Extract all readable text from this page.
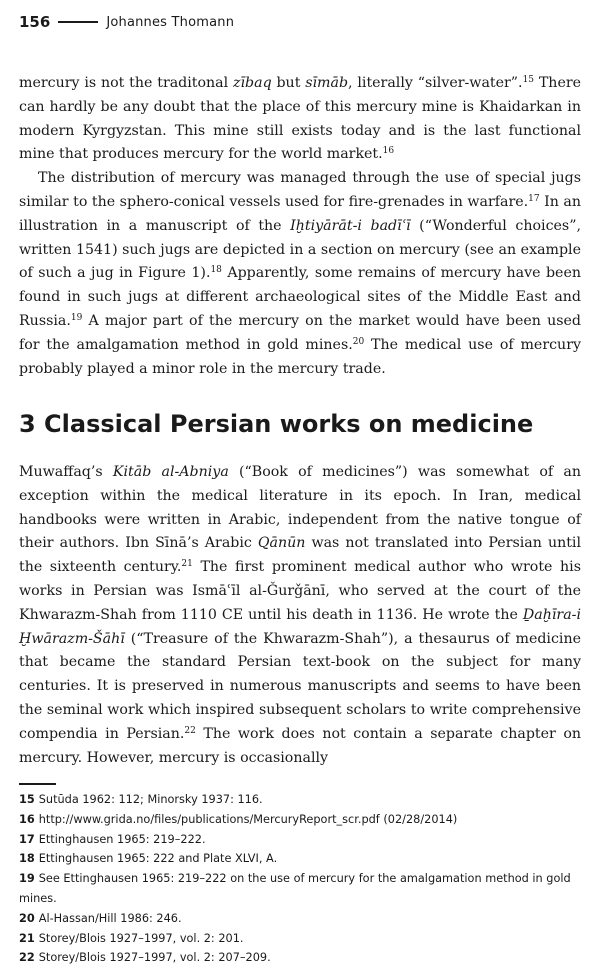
156	Johannes Thomann

mercury is not the traditonal zībaq but sīmāb, literally “silver-water”.$^{15}$ There can hardly be any doubt that the place of this mercury mine is Khaidarkan in modern Kyrgyzstan. This mine still exists today and is the last functional mine that produces mercury for the world market.$^{16}$

The distribution of mercury was managed through the use of special jugs similar to the sphero-conical vessels used for fire-grenades in warfare.$^{17}$ In an illustration in a manuscript of the Iḫtiyārāt-i badīʿī (“Wonderful choices”, written 1541) such jugs are depicted in a section on mercury (see an example of such a jug in Figure 1).$^{18}$ Apparently, some remains of mercury have been found in such jugs at different archaeological sites of the Middle East and Russia.$^{19}$ A major part of the mercury on the market would have been used for the amalgamation method in gold mines.$^{20}$ The medical use of mercury probably played a minor role in the mercury trade.

3 Classical Persian works on medicine

Muwaffaq’s Kitāb al-Abniya (“Book of medicines”) was somewhat of an exception within the medical literature in its epoch. In Iran, medical handbooks were written in Arabic, independent from the native tongue of their authors. Ibn Sīnā’s Arabic Qānūn was not translated into Persian until the sixteenth century.$^{21}$ The first prominent medical author who wrote his works in Persian was Ismāʿīl al-Ǧurǧānī, who served at the court of the Khwarazm-Shah from 1110 CE until his death in 1136. He wrote the Ḏaḫīra-i Ḫwārazm-Šāhī (“Treasure of the Khwarazm-Shah”), a thesaurus of medicine that became the standard Persian text-book on the subject for many centuries. It is preserved in numerous manuscripts and seems to have been the seminal work which inspired subsequent scholars to write comprehensive compendia in Persian.$^{22}$ The work does not contain a separate chapter on mercury. However, mercury is occasionally

15 Sutūda 1962: 112; Minorsky 1937: 116.
16 http://www.grida.no/files/publications/MercuryReport_scr.pdf (02/28/2014)
17 Ettinghausen 1965: 219–222.
18 Ettinghausen 1965: 222 and Plate XLVI, A.
19 See Ettinghausen 1965: 219–222 on the use of mercury for the amalgamation method in gold mines.
20 Al-Hassan/Hill 1986: 246.
21 Storey/Blois 1927–1997, vol. 2: 201.
22 Storey/Blois 1927–1997, vol. 2: 207–209.
